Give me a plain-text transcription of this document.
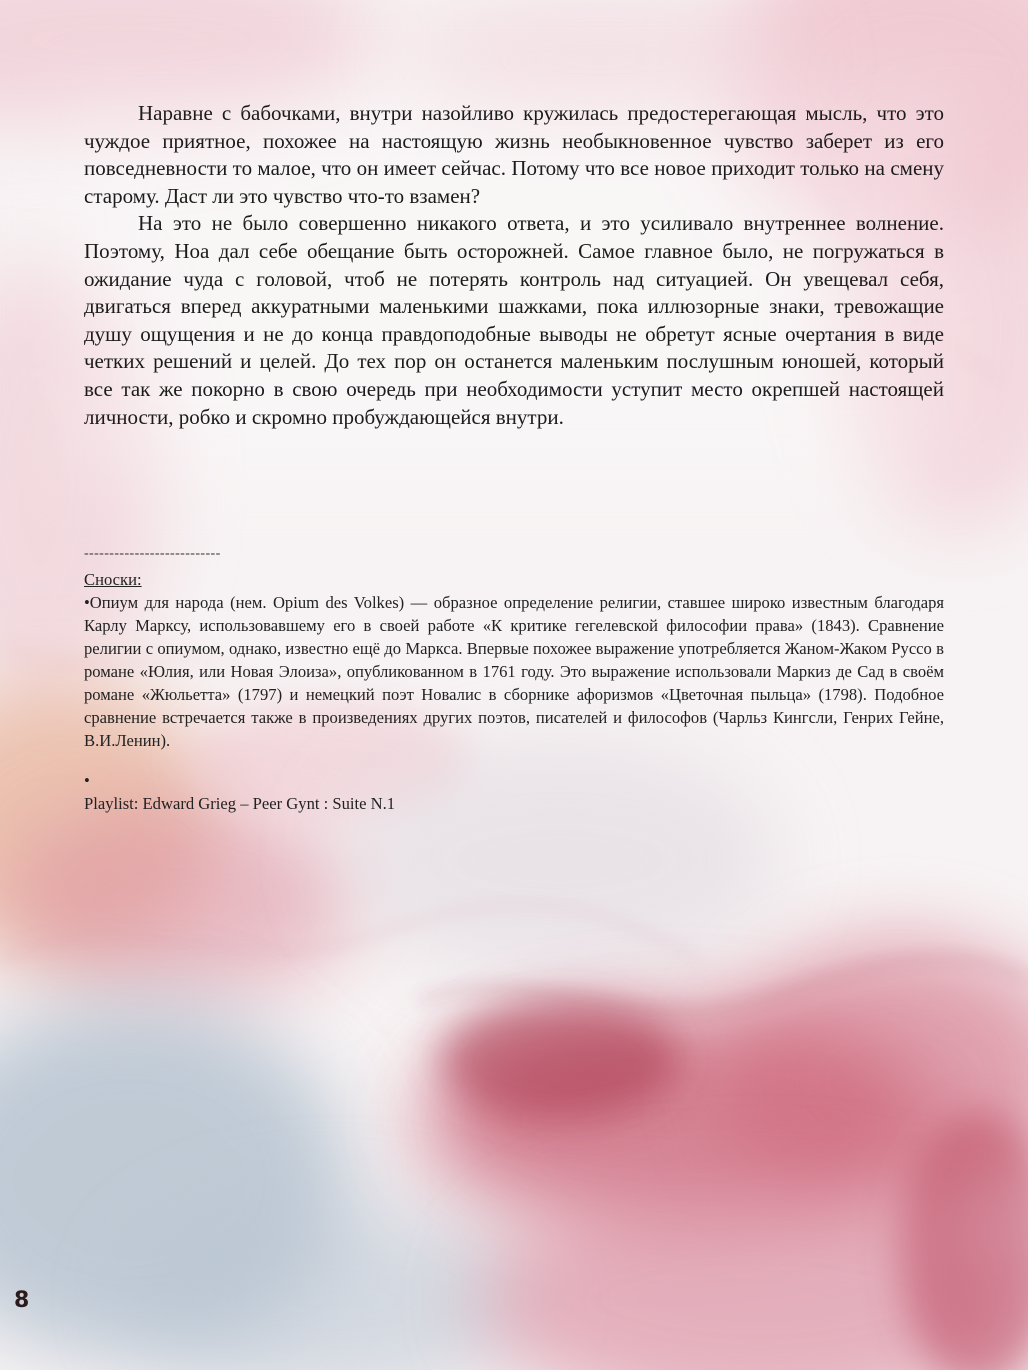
Наравне с бабочками, внутри назойливо кружилась предостерегающая мысль, что это чуждое приятное, похожее на настоящую жизнь необыкновенное чувство заберет из его повседневности то малое, что он имеет сейчас. Потому что все новое приходит только на смену старому. Даст ли это чувство что-то взамен?

На это не было совершенно никакого ответа, и это усиливало внутреннее волнение. Поэтому, Ноа дал себе обещание быть осторожней. Самое главное было, не погружаться в ожидание чуда с головой, чтоб не потерять контроль над ситуацией. Он увещевал себя, двигаться вперед аккуратными маленькими шажками, пока иллюзорные знаки, тревожащие душу ощущения и не до конца правдоподобные выводы не обретут ясные очертания в виде четких решений и целей. До тех пор он останется маленьким послушным юношей, который все так же покорно в свою очередь при необходимости уступит место окрепшей настоящей личности, робко и скромно пробуждающейся внутри.

---------------------------

Сноски:

•Опиум для народа (нем. Opium des Volkes) — образное определение религии, ставшее широко известным благодаря Карлу Марксу, использовавшему его в своей работе «К критике гегелевской философии права» (1843). Сравнение религии с опиумом, однако, известно ещё до Маркса. Впервые похожее выражение употребляется Жаном-Жаком Руссо в романе «Юлия, или Новая Элоиза», опубликованном в 1761 году. Это выражение использовали Маркиз де Сад в своём романе «Жюльетта» (1797) и немецкий поэт Новалис в сборнике афоризмов «Цветочная пыльца» (1798). Подобное сравнение встречается также в произведениях других поэтов, писателей и философов (Чарльз Кингсли, Генрих Гейне, В.И.Ленин).

•

Playlist: Edward Grieg – Peer Gynt : Suite N.1

8
